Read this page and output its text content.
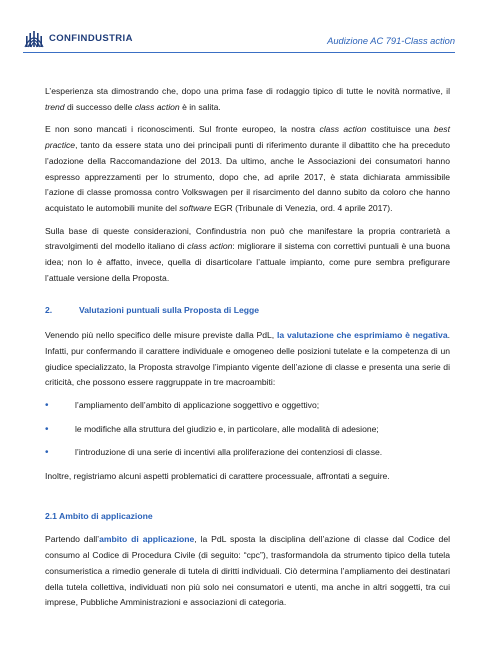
CONFINDUSTRIA	Audizione AC 791-Class action

L’esperienza sta dimostrando che, dopo una prima fase di rodaggio tipico di tutte le novità normative, il trend di successo delle class action è in salita.

E non sono mancati i riconoscimenti. Sul fronte europeo, la nostra class action costituisce una best practice, tanto da essere stata uno dei principali punti di riferimento durante il dibattito che ha preceduto l’adozione della Raccomandazione del 2013. Da ultimo, anche le Associazioni dei consumatori hanno espresso apprezzamenti per lo strumento, dopo che, ad aprile 2017, è stata dichiarata ammissibile l’azione di classe promossa contro Volkswagen per il risarcimento del danno subito da coloro che hanno acquistato le automobili munite del software EGR (Tribunale di Venezia, ord. 4 aprile 2017).

Sulla base di queste considerazioni, Confindustria non può che manifestare la propria contrarietà a stravolgimenti del modello italiano di class action: migliorare il sistema con correttivi puntuali è una buona idea; non lo è affatto, invece, quella di disarticolare l’attuale impianto, come pure sembra prefigurare l’attuale versione della Proposta.

2.	Valutazioni puntuali sulla Proposta di Legge

Venendo più nello specifico delle misure previste dalla PdL, la valutazione che esprimiamo è negativa. Infatti, pur confermando il carattere individuale e omogeneo delle posizioni tutelate e la competenza di un giudice specializzato, la Proposta stravolge l’impianto vigente dell’azione di classe e presenta una serie di criticità, che possono essere raggruppate in tre macroambiti:

•	l’ampliamento dell’ambito di applicazione soggettivo e oggettivo;
•	le modifiche alla struttura del giudizio e, in particolare, alle modalità di adesione;
•	l’introduzione di una serie di incentivi alla proliferazione dei contenziosi di classe.

Inoltre, registriamo alcuni aspetti problematici di carattere processuale, affrontati a seguire.

2.1 Ambito di applicazione

Partendo dall’ambito di applicazione, la PdL sposta la disciplina dell’azione di classe dal Codice del consumo al Codice di Procedura Civile (di seguito: “cpc”), trasformandola da strumento tipico della tutela consumeristica a rimedio generale di tutela di diritti individuali. Ciò determina l’ampliamento dei destinatari della tutela collettiva, individuati non più solo nei consumatori e utenti, ma anche in altri soggetti, tra cui imprese, Pubbliche Amministrazioni e associazioni di categoria.
